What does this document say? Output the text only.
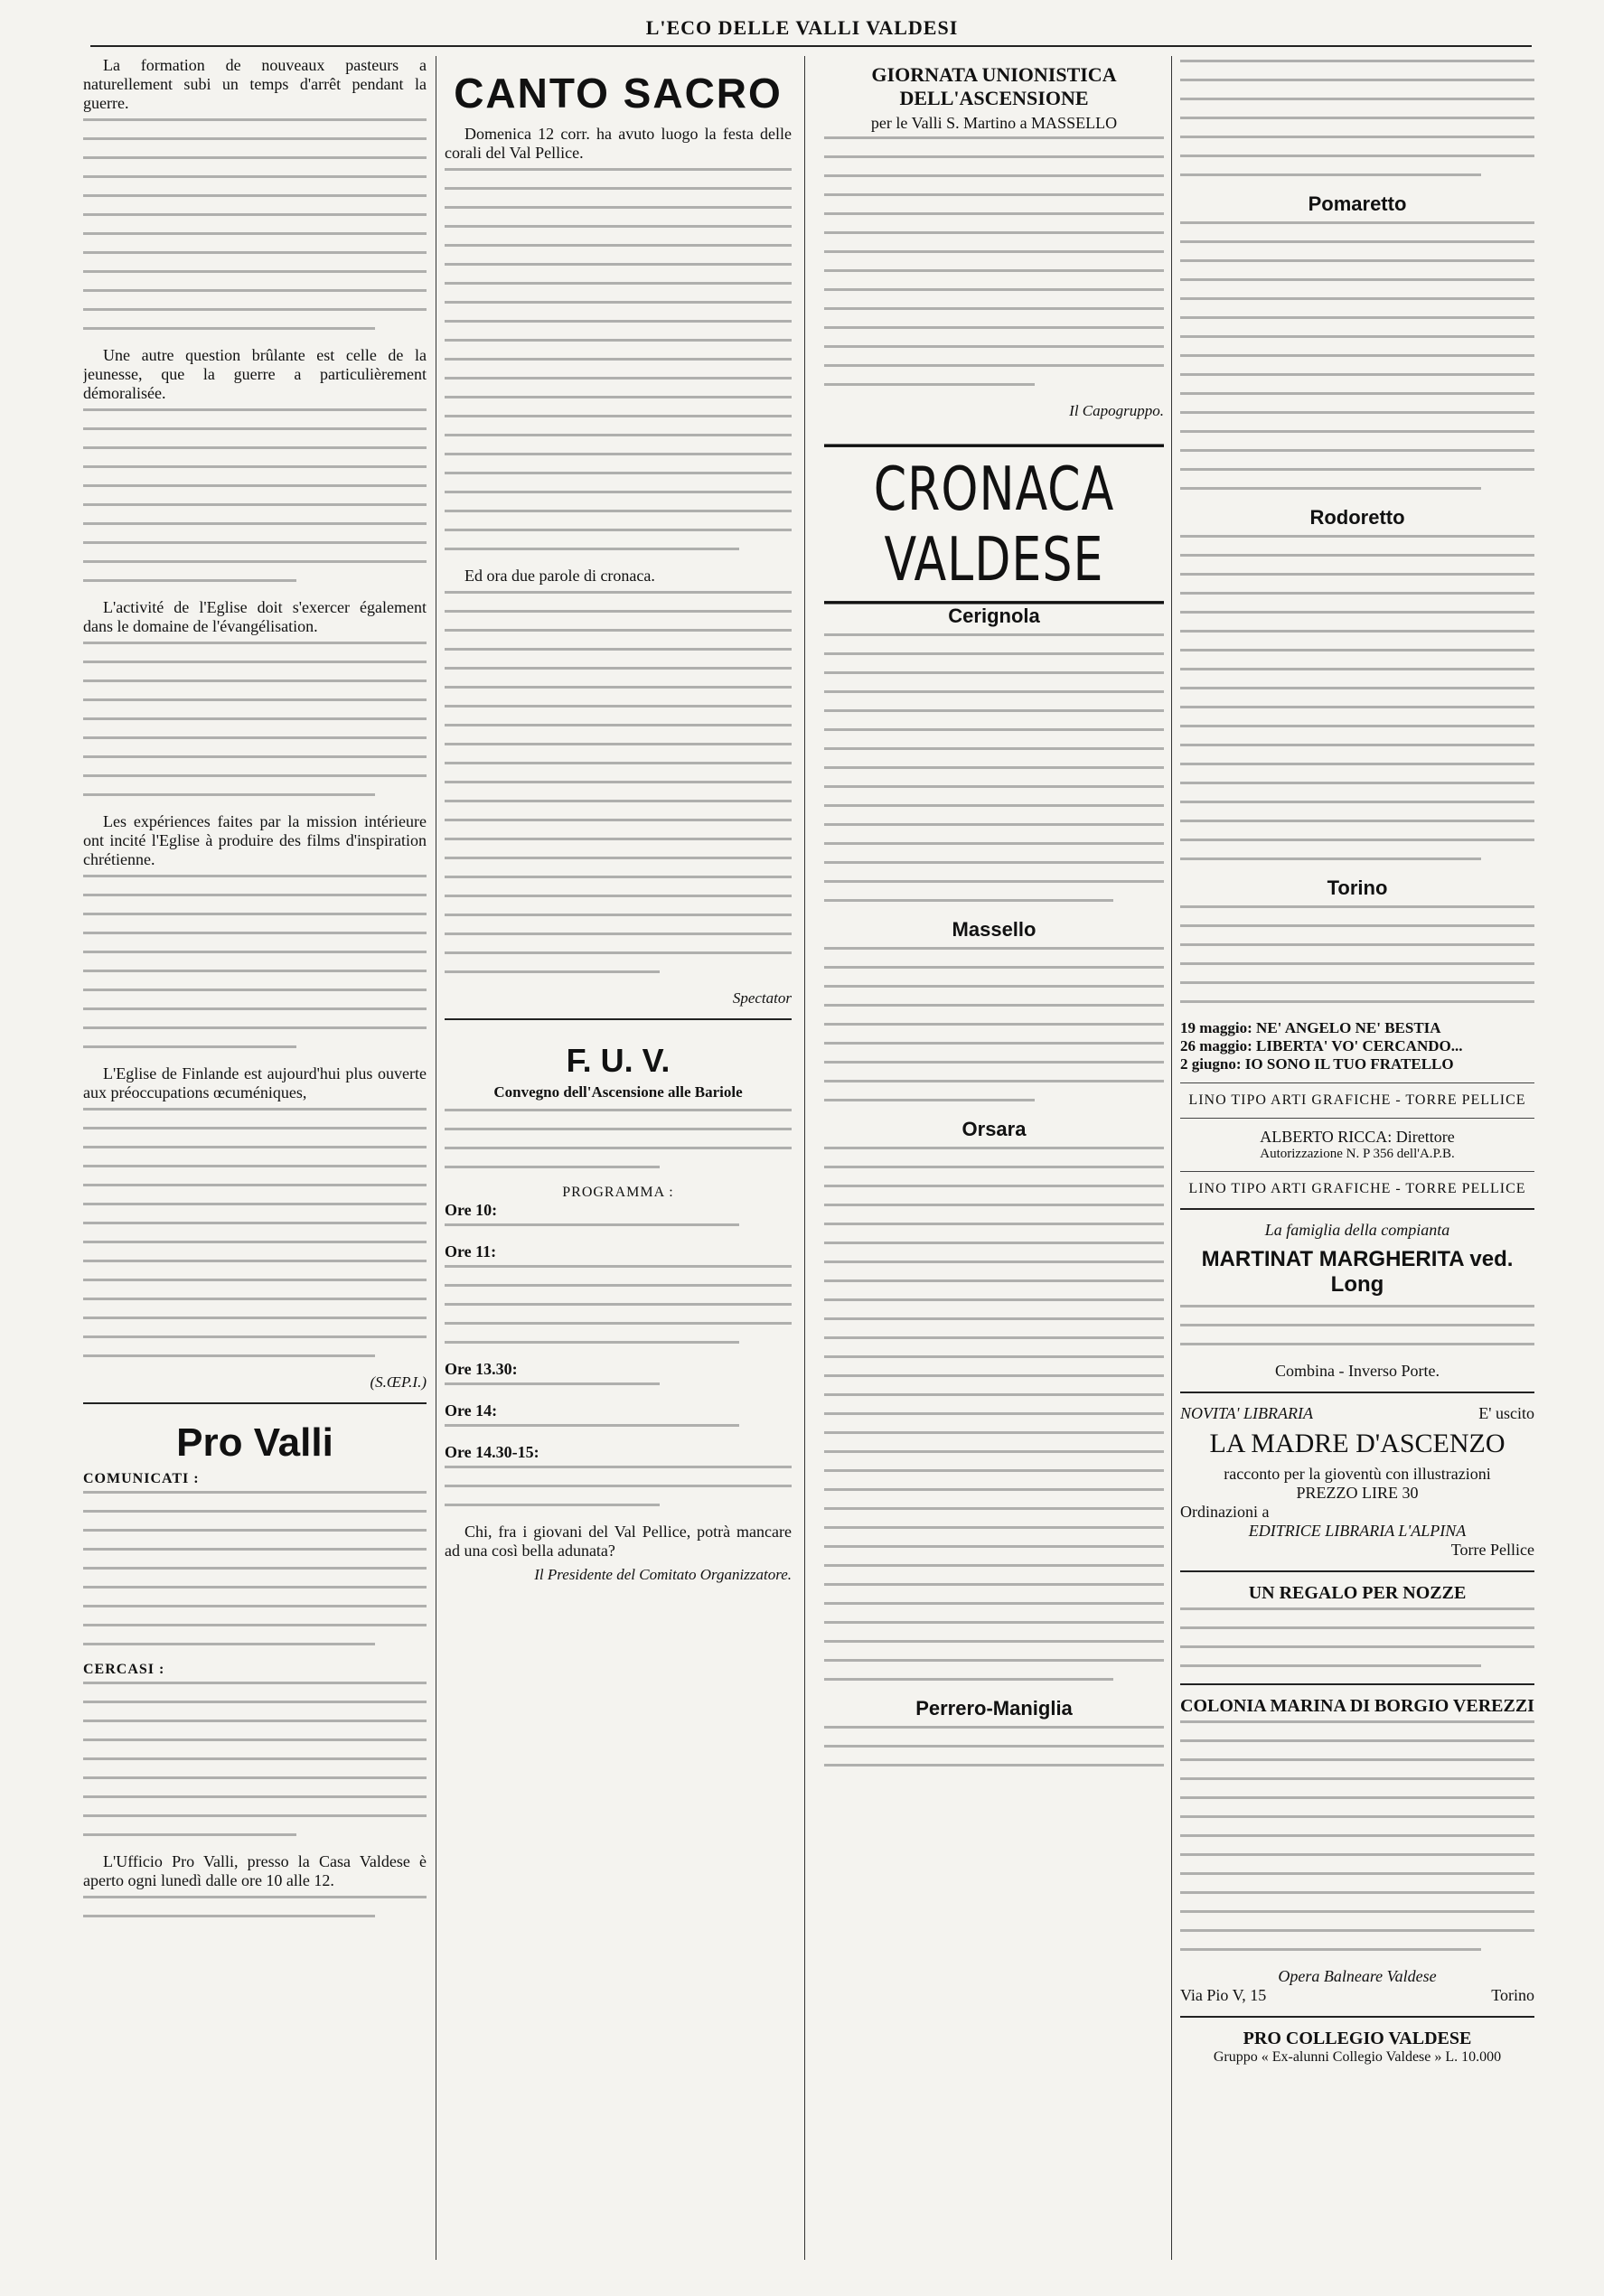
L'ECO DELLE VALLI VALDESI

La formation de nouveaux pasteurs a naturellement subi un temps d'arrêt pendant la guerre.

Une autre question brûlante est celle de la jeunesse, que la guerre a particulièrement démoralisée.

L'activité de l'Eglise doit s'exercer également dans le domaine de l'évangélisation.

Les expériences faites par la mission intérieure ont incité l'Eglise à produire des films d'inspiration chrétienne.

L'Eglise de Finlande est aujourd'hui plus ouverte aux préoccupations œcuméniques,

(S.ŒP.I.)
Pro Valli
COMUNICATI :
CERCASI :

L'Ufficio Pro Valli, presso la Casa Valdese è aperto ogni lunedì dalle ore 10 alle 12.

CANTO SACRO

Domenica 12 corr. ha avuto luogo la festa delle corali del Val Pellice.

Ed ora due parole di cronaca.

Spectator
F. U. V.
Convegno dell'Ascensione alle Bariole
PROGRAMMA :
Ore 10:
Ore 11:
Ore 13.30:
Ore 14:
Ore 14.30-15:

Chi, fra i giovani del Val Pellice, potrà mancare ad una così bella adunata?

Il Presidente del Comitato Organizzatore.
GIORNATA UNIONISTICA DELL'ASCENSIONE
per le Valli S. Martino a MASSELLO
Il Capogruppo.
CRONACA VALDESE
Cerignola
Massello
Orsara
Perrero-Maniglia
Pomaretto
Rodoretto
Torino
19 maggio: NE' ANGELO NE' BESTIA
26 maggio: LIBERTA' VO' CERCANDO...
2 giugno: IO SONO IL TUO FRATELLO
LINO TIPO ARTI GRAFICHE - TORRE PELLICE
ALBERTO RICCA: Direttore
Autorizzazione N. P 356 dell'A.P.B.
LINO TIPO ARTI GRAFICHE - TORRE PELLICE
La famiglia della compianta
MARTINAT MARGHERITA ved. Long
Combina - Inverso Porte.
NOVITA' LIBRARIA	E' uscito
LA MADRE D'ASCENZO
racconto per la gioventù con illustrazioni
PREZZO LIRE 30
Ordinazioni a
EDITRICE LIBRARIA L'ALPINA
Torre Pellice
UN REGALO PER NOZZE
COLONIA MARINA DI BORGIO VEREZZI
Opera Balneare Valdese
Via Pio V, 15	Torino
PRO COLLEGIO VALDESE
Gruppo « Ex-alunni Collegio Valdese » L. 10.000
